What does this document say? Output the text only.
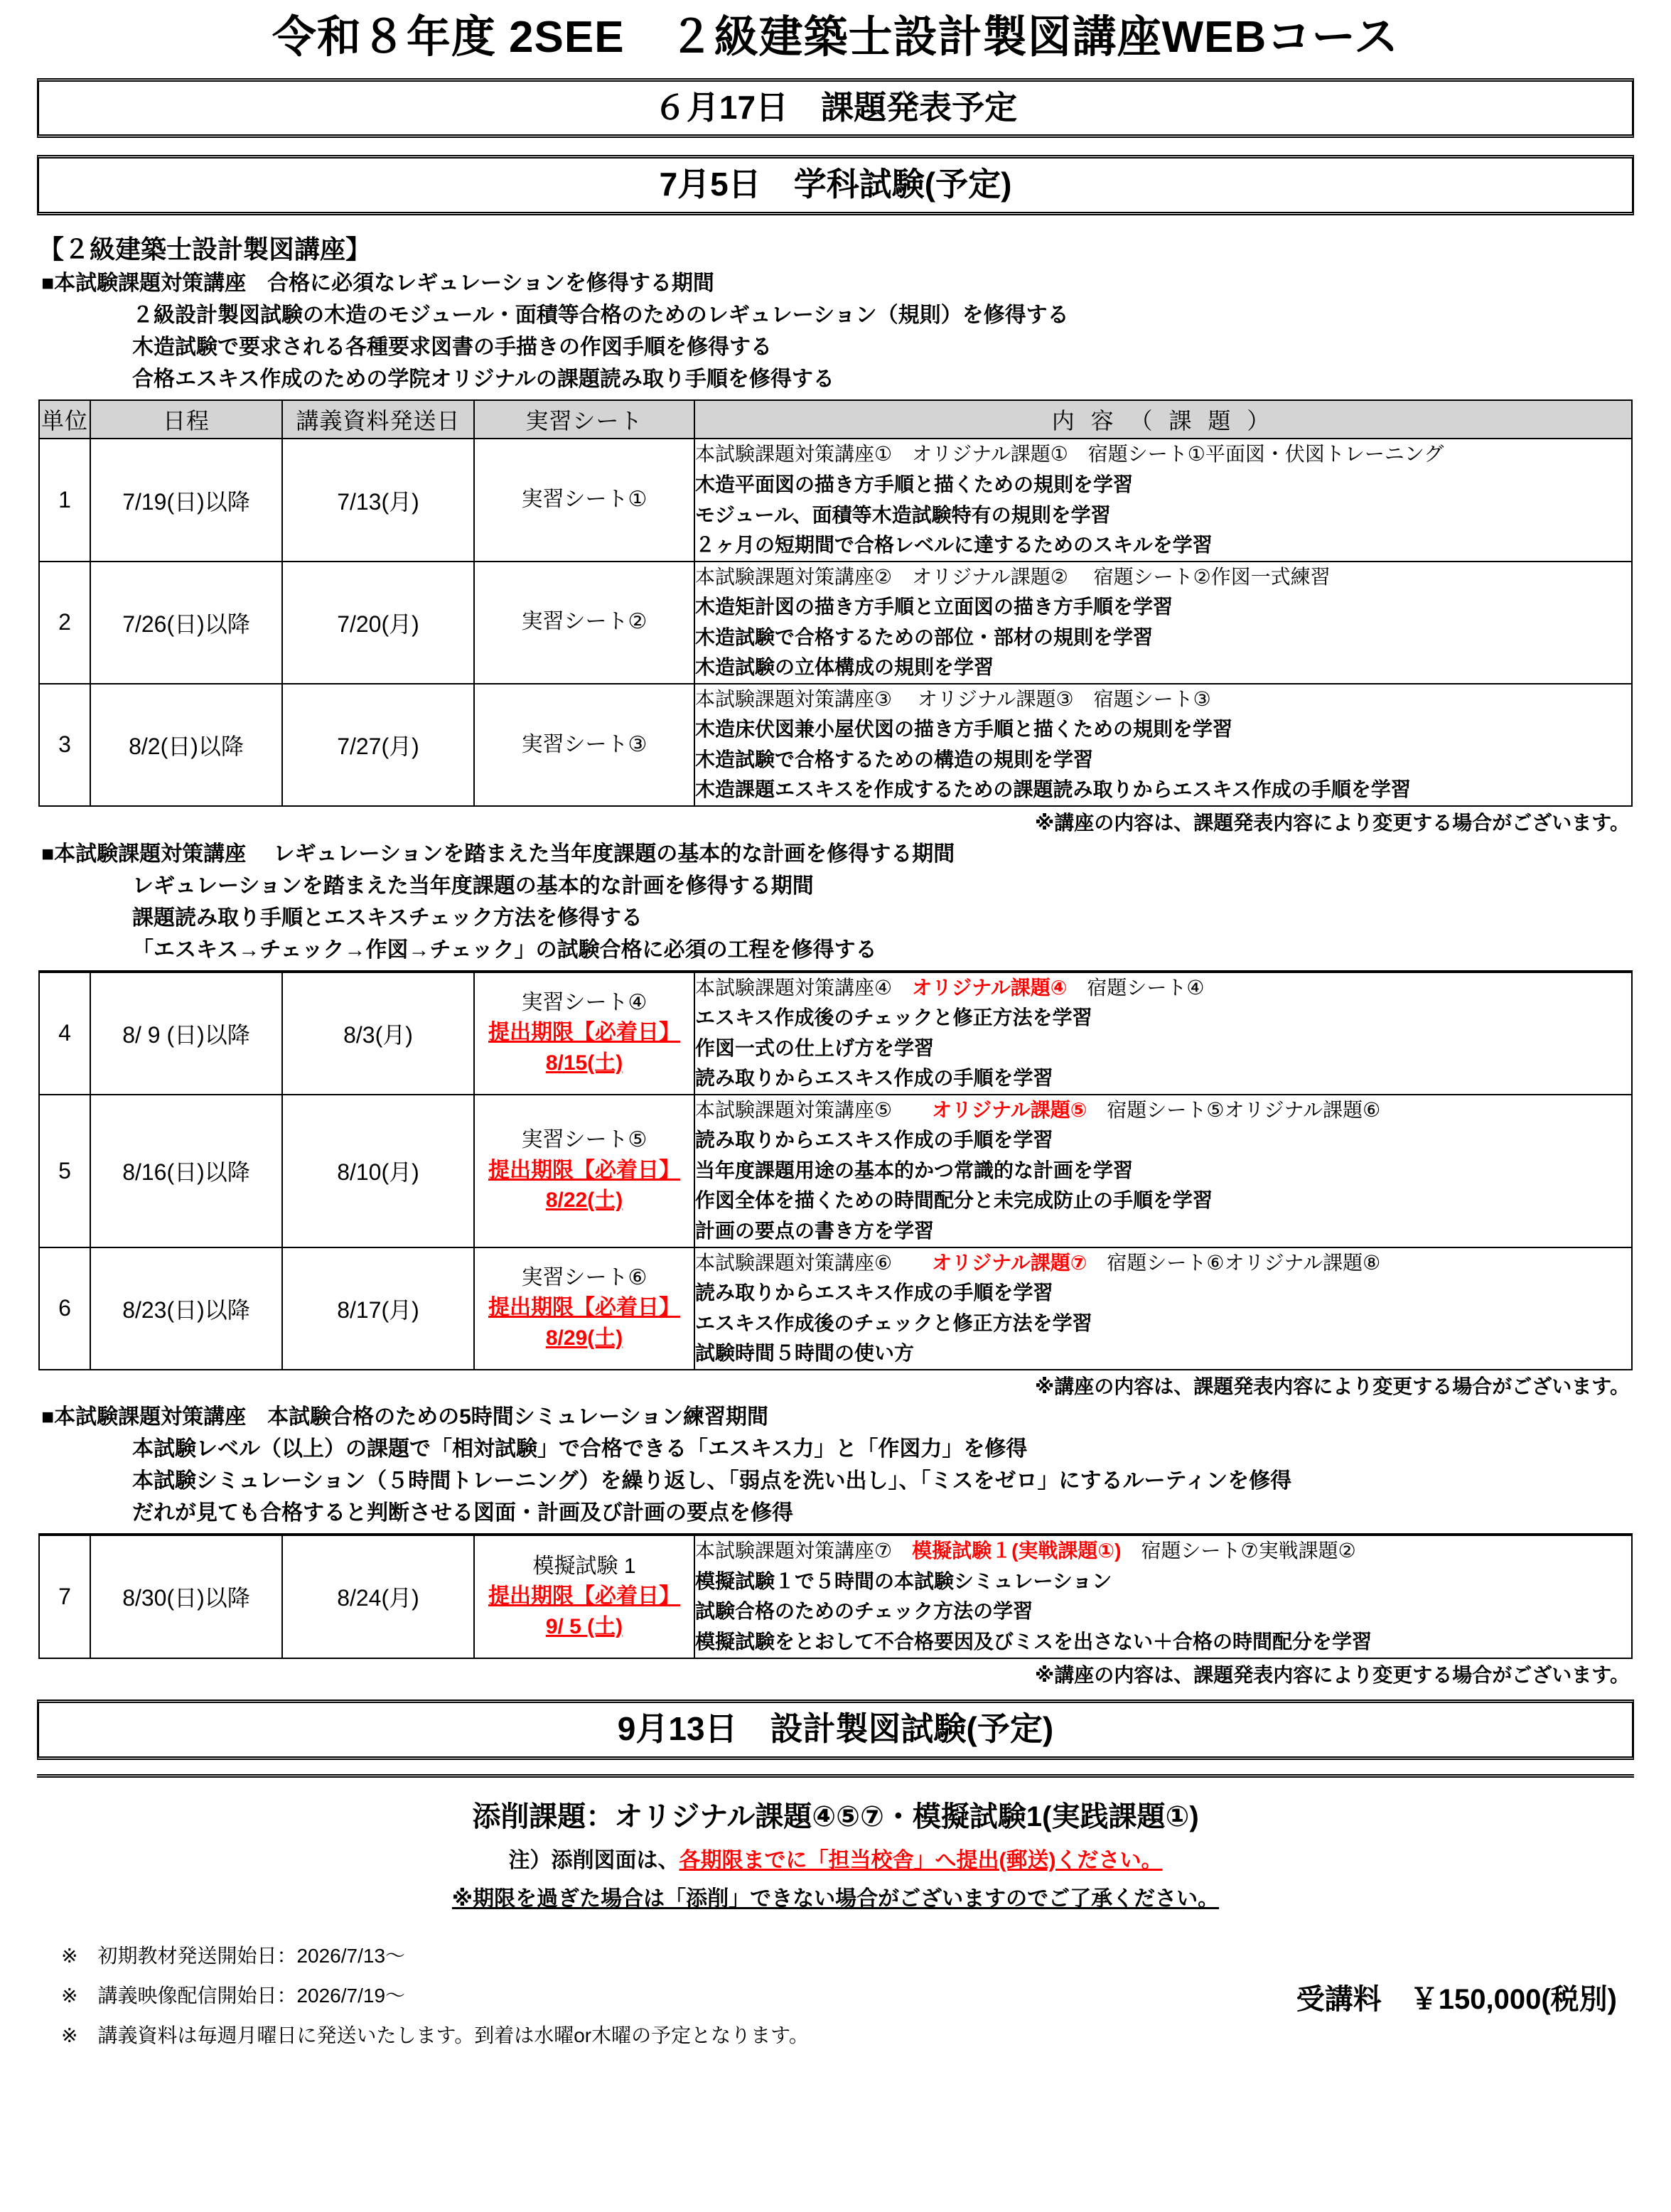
令和８年度 2SEE　２級建築士設計製図講座WEBコース
６月17日　課題発表予定
7月5日　学科試験(予定)
【２級建築士設計製図講座】
■本試験課題対策講座　合格に必須なレギュレーションを修得する期間
２級設計製図試験の木造のモジュール・面積等合格のためのレギュレーション（規則）を修得する
木造試験で要求される各種要求図書の手描きの作図手順を修得する
合格エスキス作成のための学院オリジナルの課題読み取り手順を修得する
単位	日程	講義資料発送日	実習シート	内 容 （ 課 題 ）
1	7/19(日)以降	7/13(月)	実習シート①	本試験課題対策講座①　オリジナル課題①　宿題シート①平面図・伏図トレーニング
木造平面図の描き方手順と描くための規則を学習
モジュール、面積等木造試験特有の規則を学習
２ヶ月の短期間で合格レベルに達するためのスキルを学習

2	7/26(日)以降	7/20(月)	実習シート②	本試験課題対策講座②　オリジナル課題②　 宿題シート②作図一式練習
木造矩計図の描き方手順と立面図の描き方手順を学習
木造試験で合格するための部位・部材の規則を学習
木造試験の立体構成の規則を学習

3	8/2(日)以降	7/27(月)	実習シート③	本試験課題対策講座③　 オリジナル課題③　宿題シート③
木造床伏図兼小屋伏図の描き方手順と描くための規則を学習
木造試験で合格するための構造の規則を学習
木造課題エスキスを作成するための課題読み取りからエスキス作成の手順を学習
※講座の内容は、課題発表内容により変更する場合がございます。
■本試験課題対策講座　 レギュレーションを踏まえた当年度課題の基本的な計画を修得する期間
レギュレーションを踏まえた当年度課題の基本的な計画を修得する期間
課題読み取り手順とエスキスチェック方法を修得する
「エスキス→チェック→作図→チェック」の試験合格に必須の工程を修得する
4	8/ 9 (日)以降	8/3(月)	実習シート④
提出期限【必着日】
8/15(土)

本試験課題対策講座④　オリジナル課題④　宿題シート④
エスキス作成後のチェックと修正方法を学習
作図一式の仕上げ方を学習
読み取りからエスキス作成の手順を学習

5	8/16(日)以降	8/10(月)	実習シート⑤
提出期限【必着日】
8/22(土)

本試験課題対策講座⑤　　オリジナル課題⑤　宿題シート⑤オリジナル課題⑥
読み取りからエスキス作成の手順を学習
当年度課題用途の基本的かつ常識的な計画を学習
作図全体を描くための時間配分と未完成防止の手順を学習
計画の要点の書き方を学習

6	8/23(日)以降	8/17(月)	実習シート⑥
提出期限【必着日】
8/29(土)

本試験課題対策講座⑥　　オリジナル課題⑦　宿題シート⑥オリジナル課題⑧
読み取りからエスキス作成の手順を学習
エスキス作成後のチェックと修正方法を学習
試験時間５時間の使い方
※講座の内容は、課題発表内容により変更する場合がございます。
■本試験課題対策講座　本試験合格のための5時間シミュレーション練習期間
本試験レベル（以上）の課題で「相対試験」で合格できる「エスキス力」と「作図力」を修得
本試験シミュレーション（５時間トレーニング）を繰り返し、「弱点を洗い出し」、「ミスをゼロ」にするルーティンを修得
だれが見ても合格すると判断させる図面・計画及び計画の要点を修得
7	8/30(日)以降	8/24(月)	模擬試験 1
提出期限【必着日】
9/ 5 (土)

本試験課題対策講座⑦　模擬試験１(実戦課題①)　宿題シート⑦実戦課題②
模擬試験１で５時間の本試験シミュレーション
試験合格のためのチェック方法の学習
模擬試験をとおして不合格要因及びミスを出さない＋合格の時間配分を学習
※講座の内容は、課題発表内容により変更する場合がございます。
9月13日　設計製図試験(予定)
添削課題：オリジナル課題④⑤⑦・模擬試験1(実践課題①)
注）添削図面は、各期限までに「担当校舎」へ提出(郵送)ください。
※期限を過ぎた場合は「添削」できない場合がございますのでご了承ください。
※　初期教材発送開始日：2026/7/13〜
※　講義映像配信開始日：2026/7/19〜
※　講義資料は毎週月曜日に発送いたします。到着は水曜or木曜の予定となります。
受講料　￥150,000(税別)
